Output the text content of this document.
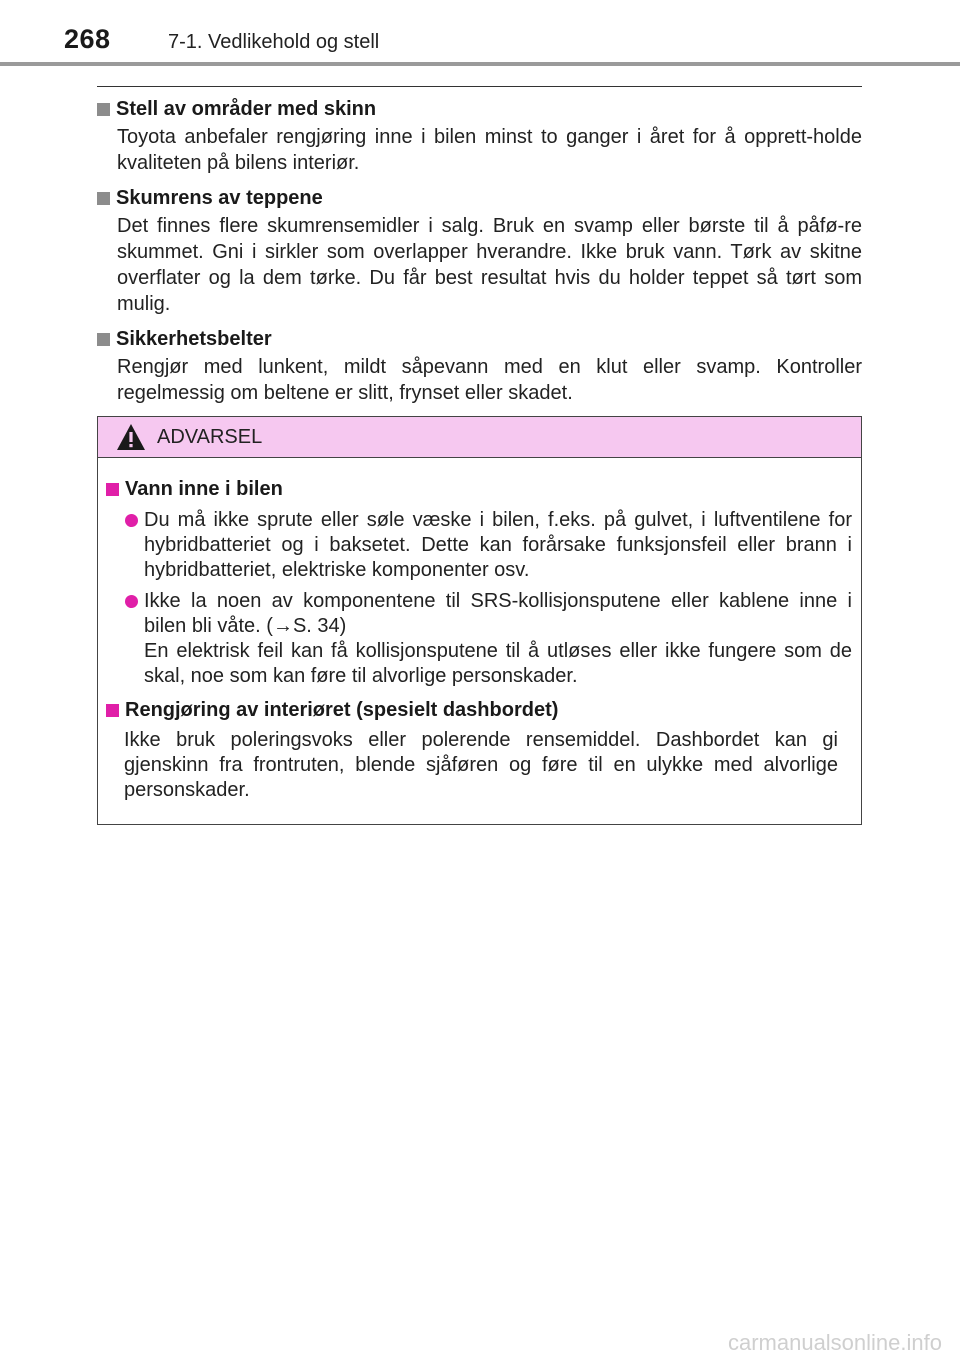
268	7-1. Vedlikehold og stell
Stell av områder med skinn
Toyota anbefaler rengjøring inne i bilen minst to ganger i året for å opprett-holde kvaliteten på bilens interiør.
Skumrens av teppene
Det finnes flere skumrensemidler i salg. Bruk en svamp eller børste til å påfø-re skummet. Gni i sirkler som overlapper hverandre. Ikke bruk vann. Tørk av skitne overflater og la dem tørke. Du får best resultat hvis du holder teppet så tørt som mulig.
Sikkerhetsbelter
Rengjør med lunkent, mildt såpevann med en klut eller svamp. Kontroller regelmessig om beltene er slitt, frynset eller skadet.
ADVARSEL
Vann inne i bilen

Du må ikke sprute eller søle væske i bilen, f.eks. på gulvet, i luftventilene for hybridbatteriet og i baksetet. Dette kan forårsake funksjonsfeil eller brann i hybridbatteriet, elektriske komponenter osv.

Ikke la noen av komponentene til SRS-kollisjonsputene eller kablene inne i bilen bli våte. (→S. 34)

En elektrisk feil kan få kollisjonsputene til å utløses eller ikke fungere som de skal, noe som kan føre til alvorlige personskader.

Rengjøring av interiøret (spesielt dashbordet)
Ikke bruk poleringsvoks eller polerende rensemiddel. Dashbordet kan gi gjenskinn fra frontruten, blende sjåføren og føre til en ulykke med alvorlige personskader.
carmanualsonline.info
